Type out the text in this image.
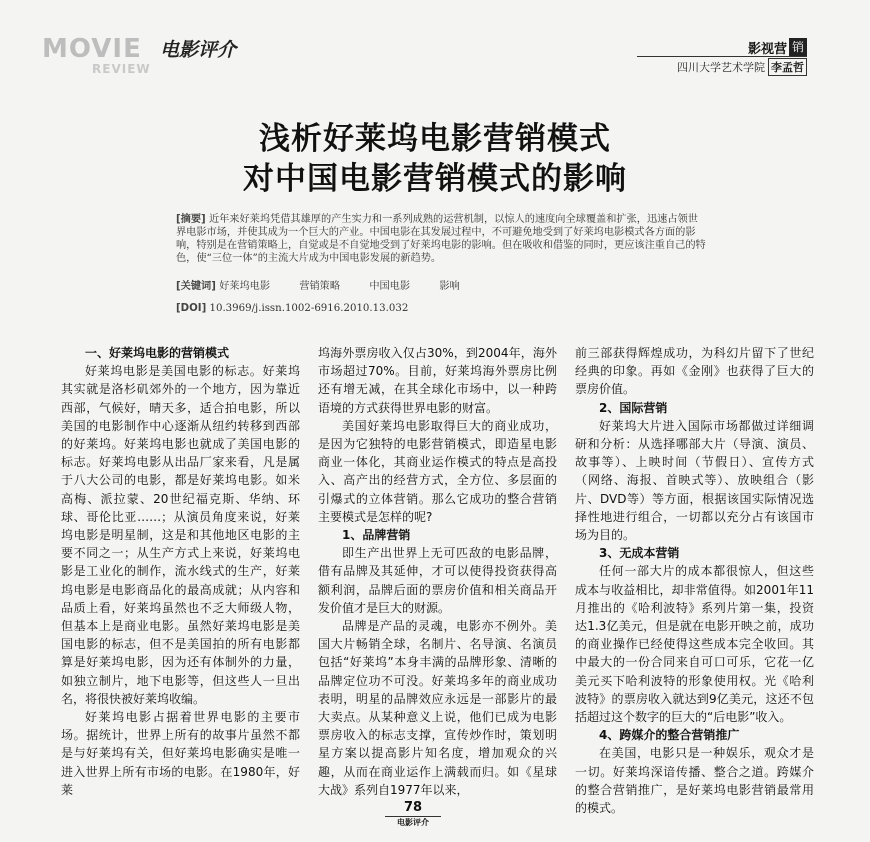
MOVIE
REVIEW
电影评介	影视营 销
四川大学艺术学院 李孟哲
浅析好莱坞电影营销模式
对中国电影营销模式的影响
[摘要] 近年来好莱坞凭借其雄厚的产生实力和一系列成熟的运营机制，以惊人的速度向全球覆盖和扩张，迅速占领世界电影市场，并使其成为一个巨大的产业。中国电影在其发展过程中，不可避免地受到了好莱坞电影模式各方面的影响，特别是在营销策略上，自觉或是不自觉地受到了好莱坞电影的影响。但在吸收和借鉴的同时，更应该注重自己的特色，使“三位一体”的主流大片成为中国电影发展的新趋势。
[关键词] 好莱坞电影	营销策略	中国电影	影响
[DOI] 10.3969/j.issn.1002-6916.2010.13.032

一、好莱坞电影的营销模式

好莱坞电影是美国电影的标志。好莱坞其实就是洛杉矶郊外的一个地方，因为靠近西部，气候好，晴天多，适合拍电影，所以美国的电影制作中心逐渐从纽约转移到西部的好莱坞。好莱坞电影也就成了美国电影的标志。好莱坞电影从出品厂家来看，凡是属于八大公司的电影，都是好莱坞电影。如米高梅、派拉蒙、20世纪福克斯、华纳、环球、哥伦比亚……；从演员角度来说，好莱坞电影是明星制，这是和其他地区电影的主要不同之一；从生产方式上来说，好莱坞电影是工业化的制作，流水线式的生产，好莱坞电影是电影商品化的最高成就；从内容和品质上看，好莱坞虽然也不乏大师级人物，但基本上是商业电影。虽然好莱坞电影是美国电影的标志，但不是美国拍的所有电影都算是好莱坞电影，因为还有体制外的力量，如独立制片，地下电影等，但这些人一旦出名，将很快被好莱坞收编。

好莱坞电影占据着世界电影的主要市场。据统计，世界上所有的故事片虽然不都是与好莱坞有关，但好莱坞电影确实是唯一进入世界上所有市场的电影。在1980年，好莱

坞海外票房收入仅占30%，到2004年，海外市场超过70%。目前，好莱坞海外票房比例还有增无减，在其全球化市场中，以一种跨语境的方式获得世界电影的财富。

美国好莱坞电影取得巨大的商业成功，是因为它独特的电影营销模式，即造星电影商业一体化，其商业运作模式的特点是高投入、高产出的经营方式，全方位、多层面的引爆式的立体营销。那么它成功的整合营销主要模式是怎样的呢?

1、品牌营销

即生产出世界上无可匹敌的电影品牌，借有品牌及其延伸，才可以使得投资获得高额利润，品牌后面的票房价值和相关商品开发价值才是巨大的财源。

品牌是产品的灵魂，电影亦不例外。美国大片畅销全球，名制片、名导演、名演员包括“好莱坞”本身丰满的品牌形象、清晰的品牌定位功不可没。好莱坞多年的商业成功表明，明星的品牌效应永远是一部影片的最大卖点。从某种意义上说，他们已成为电影票房收入的标志支撑，宣传炒作时，策划明星方案以提高影片知名度，增加观众的兴趣，从而在商业运作上满载而归。如《星球大战》系列自1977年以来，

前三部获得辉煌成功，为科幻片留下了世纪经典的印象。再如《金刚》也获得了巨大的票房价值。

2、国际营销

好莱坞大片进入国际市场都做过详细调研和分析：从选择哪部大片（导演、演员、故事等）、上映时间（节假日）、宣传方式（网络、海报、首映式等）、放映组合（影片、DVD等）等方面，根据该国实际情况选择性地进行组合，一切都以充分占有该国市场为目的。

3、无成本营销

任何一部大片的成本都很惊人，但这些成本与收益相比，却非常值得。如2001年11月推出的《哈利波特》系列片第一集，投资达1.3亿美元，但是就在电影开映之前，成功的商业操作已经使得这些成本完全收回。其中最大的一份合同来自可口可乐，它花一亿美元买下哈利波特的形象使用权。光《哈利波特》的票房收入就达到9亿美元，这还不包括超过这个数字的巨大的“后电影”收入。

4、跨媒介的整合营销推广

在美国，电影只是一种娱乐，观众才是一切。好莱坞深谙传播、整合之道。跨媒介的整合营销推广，是好莱坞电影营销最常用的模式。

78
电影评介
